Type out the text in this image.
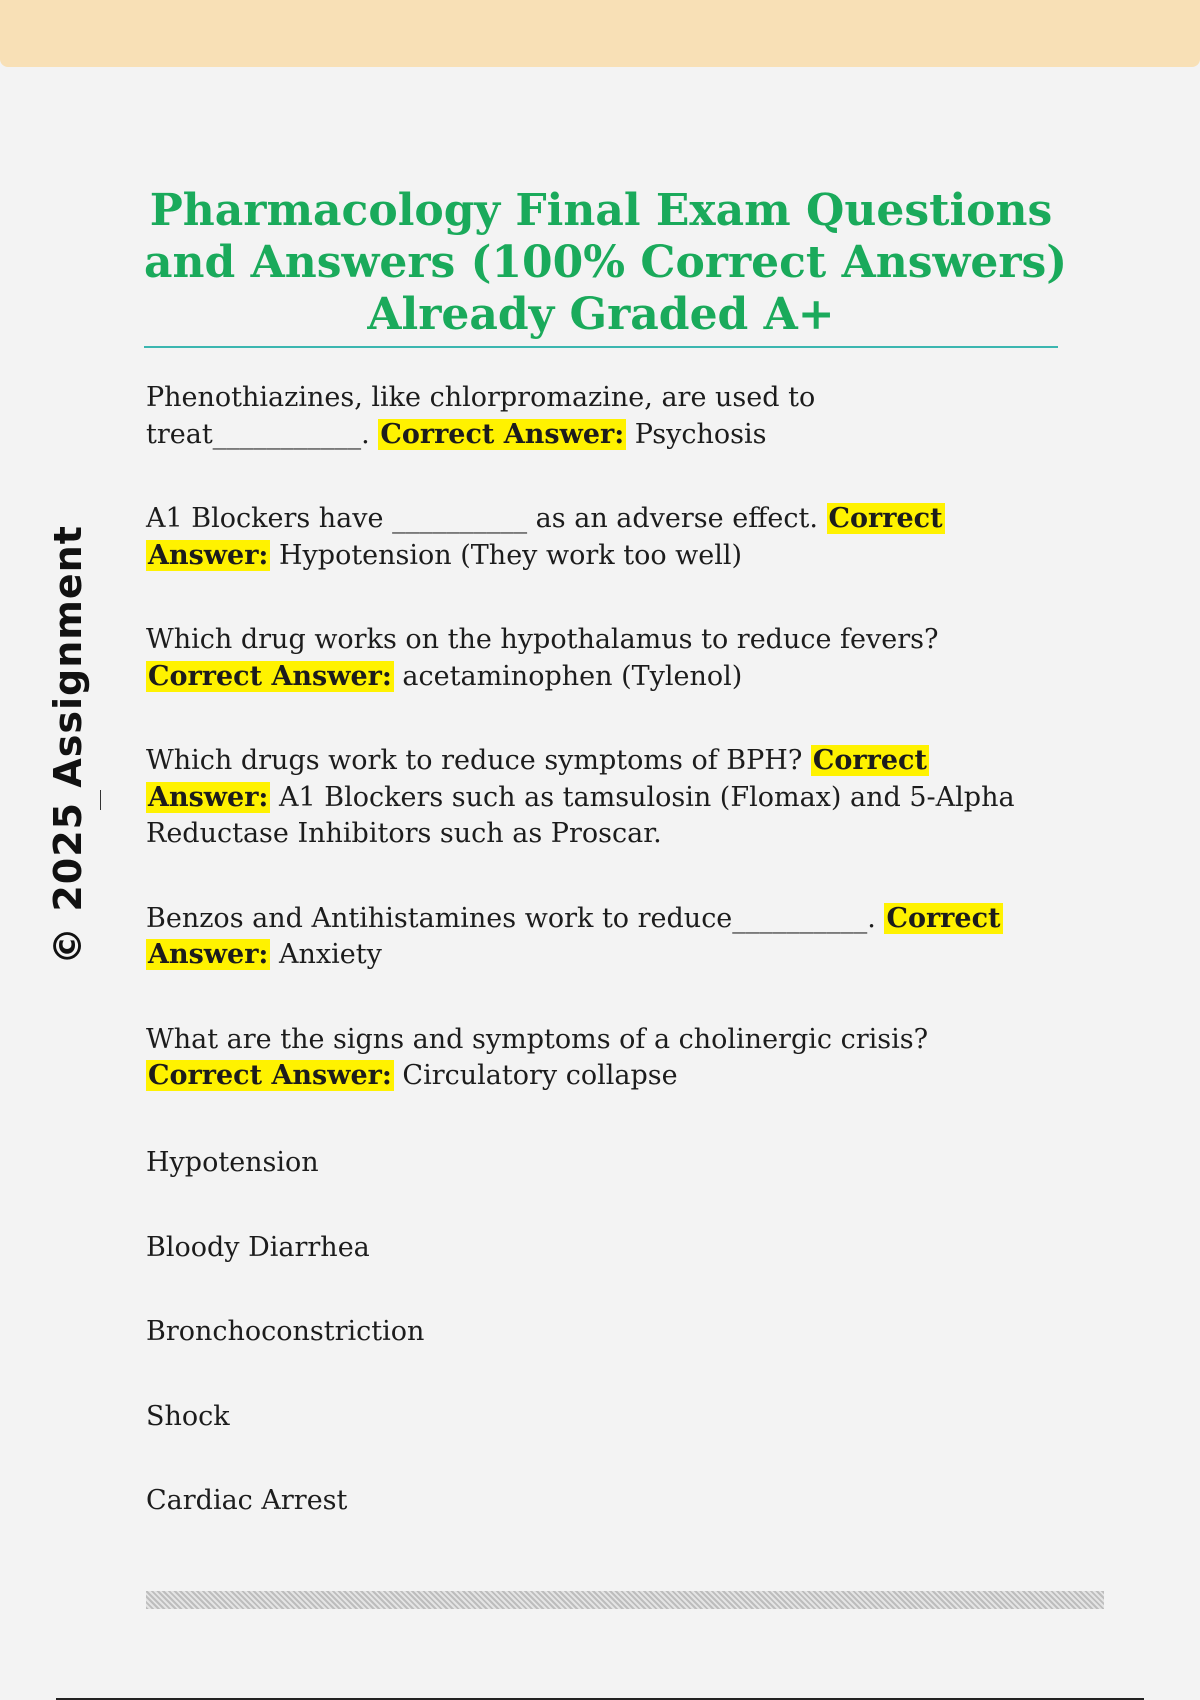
© 2025 Assignment
Pharmacology Final Exam Questions
and Answers (100% Correct Answers)
Already Graded A+
Phenothiazines, like chlorpromazine, are used to
treat___________. Correct Answer: Psychosis
A1 Blockers have __________ as an adverse effect. Correct
Answer: Hypotension (They work too well)
Which drug works on the hypothalamus to reduce fevers?
Correct Answer: acetaminophen (Tylenol)
Which drugs work to reduce symptoms of BPH? Correct
Answer: A1 Blockers such as tamsulosin (Flomax) and 5-Alpha
Reductase Inhibitors such as Proscar.
Benzos and Antihistamines work to reduce__________. Correct
Answer: Anxiety
What are the signs and symptoms of a cholinergic crisis?
Correct Answer: Circulatory collapse
Hypotension
Bloody Diarrhea
Bronchoconstriction
Shock
Cardiac Arrest
